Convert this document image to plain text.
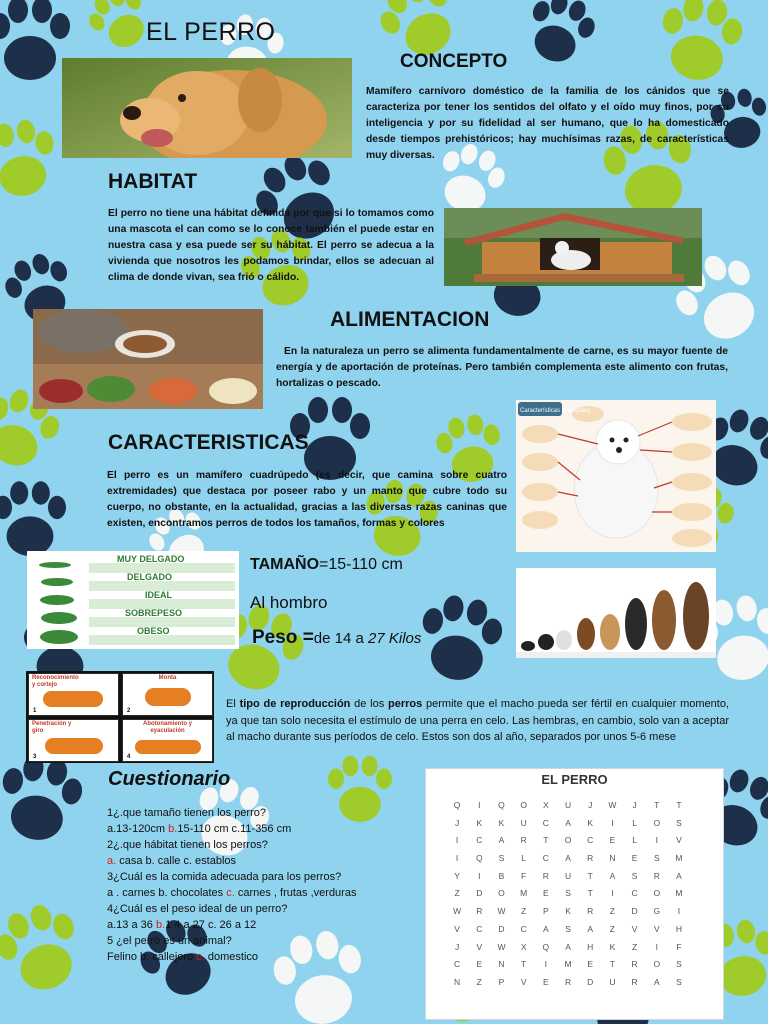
EL PERRO
CONCEPTO
Mamífero carnívoro doméstico de la familia de los cánidos que se caracteriza por tener los sentidos del olfato y el oído muy finos, por su inteligencia y por su fidelidad al ser humano, que lo ha domesticado desde tiempos prehistóricos; hay muchísimas razas, de características muy diversas.
HABITAT
El perro no tiene una hábitat definida por que si lo tomamos como una mascota el can como se lo conoce también el puede estar en nuestra casa y esa puede ser su hábitat. El perro se adecua a la vivienda que nosotros les podamos brindar, ellos se adecuan al clima de donde vivan, sea frió o cálido.
ALIMENTACION
En la naturaleza un perro se alimenta fundamentalmente de carne, es su mayor fuente de energía y de aportación de proteínas. Pero también complementa este alimento con frutas, hortalizas o pescado.
Características principales
CARACTERISTICAS
El perro es un mamífero cuadrúpedo (es decir, que camina sobre cuatro extremidades) que destaca por poseer rabo y un manto que cubre todo su cuerpo, no obstante, en la actualidad, gracias a las diversas razas caninas que existen, encontramos perros de todos los tamaños, formas y colores
MUY DELGADO
DELGADO
IDEAL
SOBREPESO
OBESO
TAMAÑO=15-110 cm
Al hombro
Peso =de 14 a 27 Kilos
Reconocimiento y cortejo
1
Monta
2
Penetración y giro
3
Abotonamiento y eyaculación
4
El tipo de reproducción de los perros permite que el macho pueda ser fértil en cualquier momento, ya que tan solo necesita el estímulo de una perra en celo. Las hembras, en cambio, solo van a aceptar al macho durante sus períodos de celo. Estos son dos al año, separados por unos 5-6 mese
Cuestionario
1¿.que tamaño tienen los perro?
a.13-120cm b.15-110 cm c.11-356 cm
2¿.que hábitat tienen los perros?
a. casa b. calle c. establos
3¿Cuál es la comida adecuada para los perros?
a . carnes b. chocolates c. carnes , frutas ,verduras
4¿Cuál es el peso ideal de un perro?
a.13 a 36 b.1 4 a 27 c. 26 a 12
5 ¿el perro es un animal?
Felino b. callejero c. domestico
EL PERRO
Q	I	Q	O	X	U	J	W	J	T	T
J	K	K	U	C	A	K	I	L	O	S
I	C	A	R	T	O	C	E	L	I	V
I	Q	S	L	C	A	R	N	E	S	M
Y	I	B	F	R	U	T	A	S	R	A
Z	D	O	M	E	S	T	I	C	O	M
W	R	W	Z	P	K	R	Z	D	G	I
V	C	D	C	A	S	A	Z	V	V	H
J	V	W	X	Q	A	H	K	Z	I	F
C	E	N	T	I	M	E	T	R	O	S
N	Z	P	V	E	R	D	U	R	A	S
